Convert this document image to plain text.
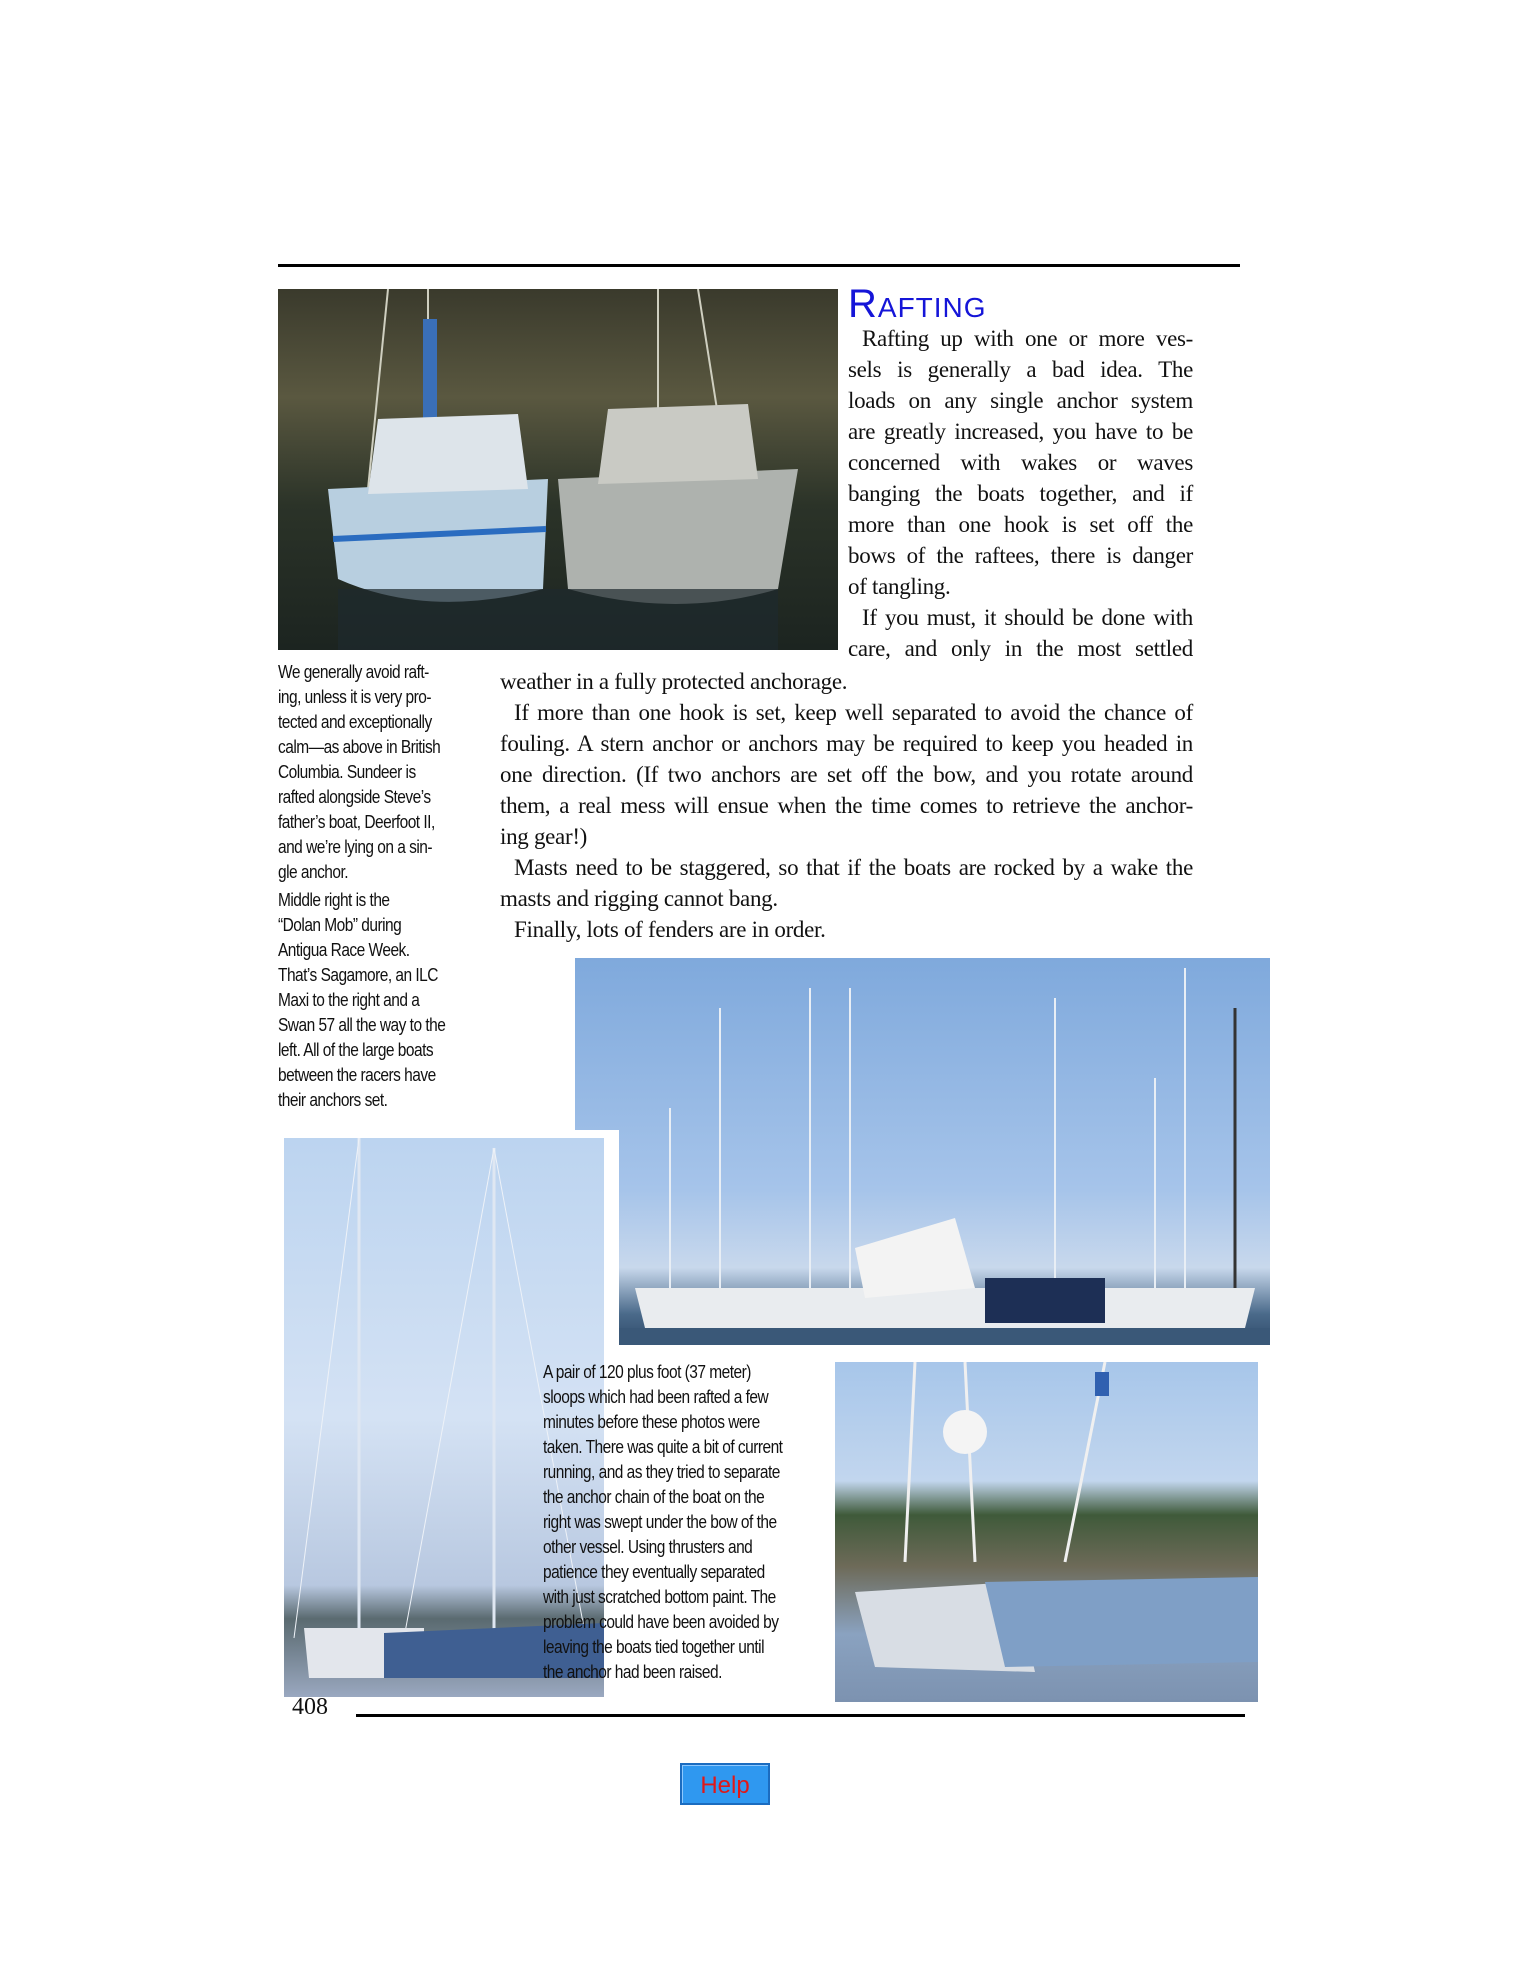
Rafting
Rafting up with one or more ves-
sels is generally a bad idea. The
loads on any single anchor system
are greatly increased, you have to be
concerned with wakes or waves
banging the boats together, and if
more than one hook is set off the
bows of the raftees, there is danger
of tangling.
If you must, it should be done with
care, and only in the most settled
weather in a fully protected anchorage.
If more than one hook is set, keep well separated to avoid the chance of
fouling. A stern anchor or anchors may be required to keep you headed in
one direction. (If two anchors are set off the bow, and you rotate around
them, a real mess will ensue when the time comes to retrieve the anchor-
ing gear!)
Masts need to be staggered, so that if the boats are rocked by a wake the
masts and rigging cannot bang.
Finally, lots of fenders are in order.
We generally avoid raft-
ing, unless it is very pro-
tected and exceptionally
calm—as above in British
Columbia. Sundeer is
rafted alongside Steve’s
father’s boat, Deerfoot II,
and we’re lying on a sin-
gle anchor.
Middle right is the
“Dolan Mob” during
Antigua Race Week.
That’s Sagamore, an ILC
Maxi to the right and a
Swan 57 all the way to the
left. All of the large boats
between the racers have
their anchors set.
A pair of 120 plus foot (37 meter)
sloops which had been rafted a few
minutes before these photos were
taken. There was quite a bit of current
running, and as they tried to separate
the anchor chain of the boat on the
right was swept under the bow of the
other vessel. Using thrusters and
patience they eventually separated
with just scratched bottom paint. The
problem could have been avoided by
leaving the boats tied together until
the anchor had been raised.
408
Help
